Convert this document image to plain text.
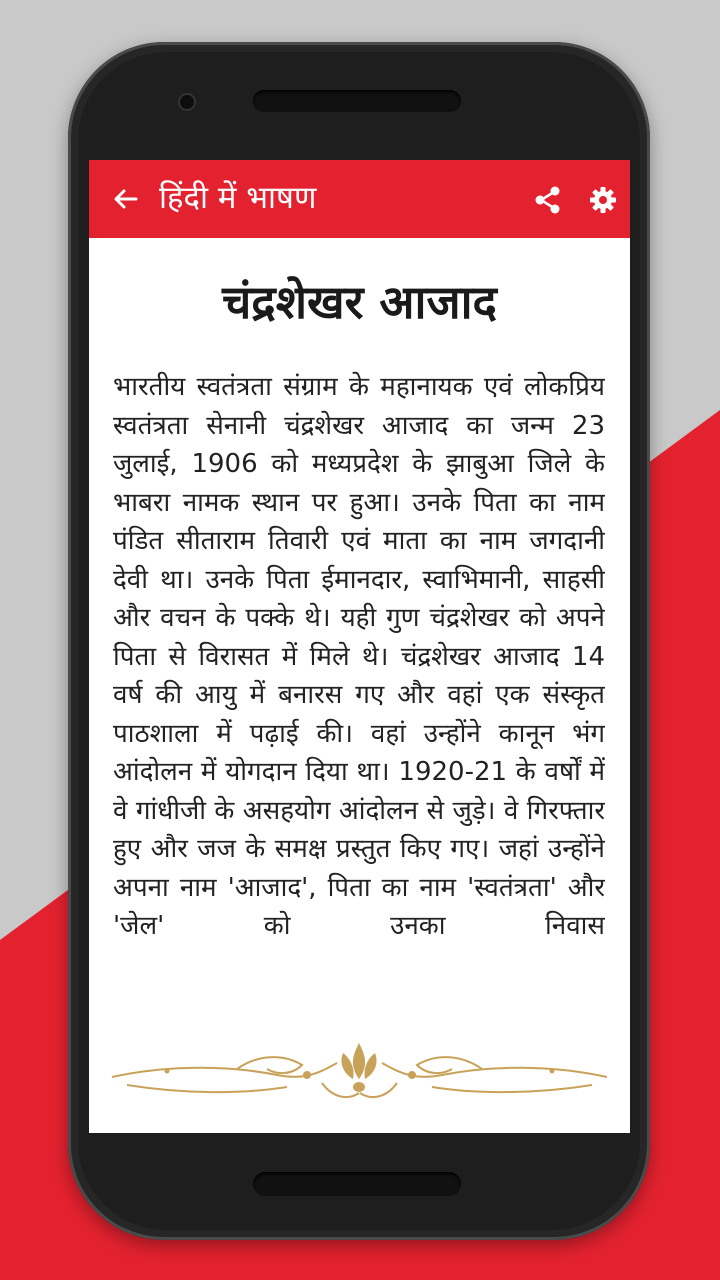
हिंदी में भाषण
चंद्रशेखर आजाद
भारतीय स्वतंत्रता संग्राम के महानायक एवं लोकप्रिय स्वतंत्रता सेनानी चंद्रशेखर आजाद का जन्म 23 जुलाई, 1906 को मध्यप्रदेश के झाबुआ जिले के भाबरा नामक स्थान पर हुआ। उनके पिता का नाम पंडित सीताराम तिवारी एवं माता का नाम जगदानी देवी था। उनके पिता ईमानदार, स्वाभिमानी, साहसी और वचन के पक्के थे। यही गुण चंद्रशेखर को अपने पिता से विरासत में मिले थे। चंद्रशेखर आजाद 14 वर्ष की आयु में बनारस गए और वहां एक संस्कृत पाठशाला में पढ़ाई की। वहां उन्होंने कानून भंग आंदोलन में योगदान दिया था। 1920-21 के वर्षों में वे गांधीजी के असहयोग आंदोलन से जुड़े। वे गिरफ्तार हुए और जज के समक्ष प्रस्तुत किए गए। जहां उन्होंने अपना नाम 'आजाद', पिता का नाम 'स्वतंत्रता' और 'जेल' को उनका निवास
